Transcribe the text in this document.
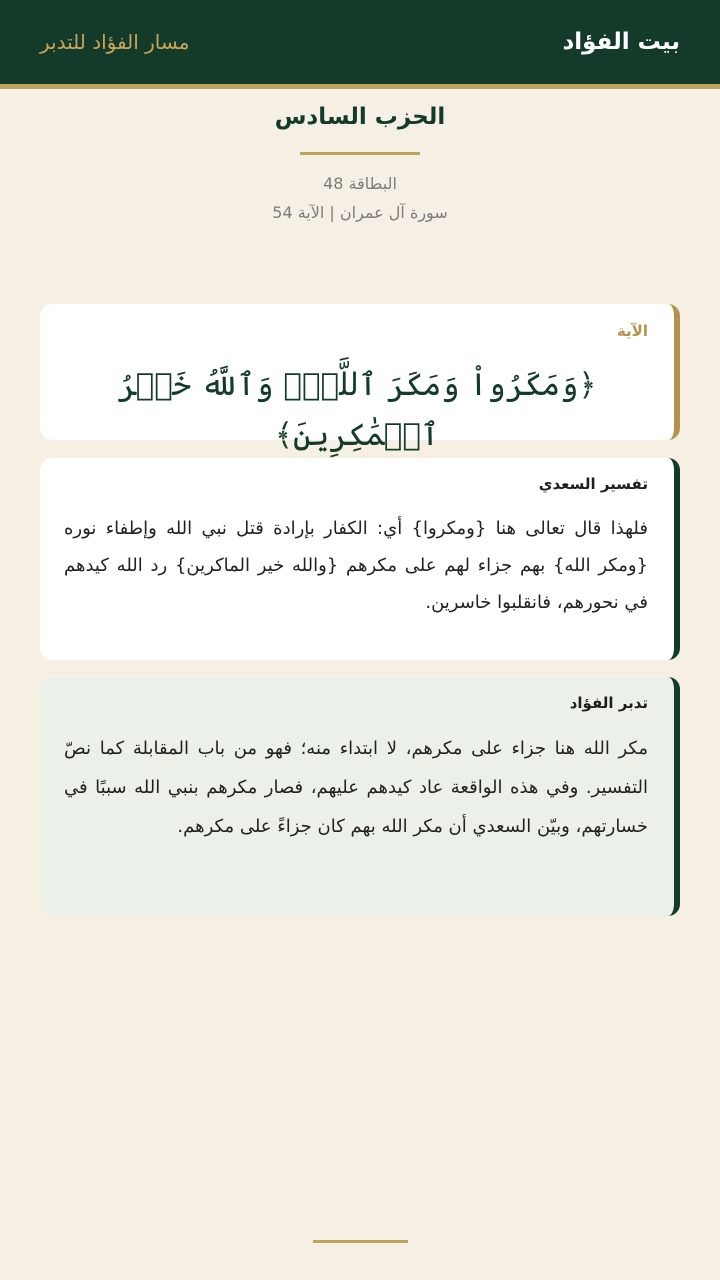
بيت الفؤاد
مسار الفؤاد للتدبر
الحزب السادس
البطاقة 48
سورة آل عمران | الآية 54
الآية
﴿وَمَكَرُواْ وَمَكَرَ ٱللَّهُۖ وَٱللَّهُ خَيۡرُ ٱلۡمَٰكِرِينَ﴾
تفسير السعدي
فلهذا قال تعالى هنا {ومكروا} أي: الكفار بإرادة قتل نبي الله وإطفاء نوره {ومكر الله} بهم جزاء لهم على مكرهم {والله خير الماكرين} رد الله كيدهم في نحورهم، فانقلبوا خاسرين.
تدبر الفؤاد
مكر الله هنا جزاء على مكرهم، لا ابتداء منه؛ فهو من باب المقابلة كما نصّ التفسير. وفي هذه الواقعة عاد كيدهم عليهم، فصار مكرهم بنبي الله سببًا في خسارتهم، وبيّن السعدي أن مكر الله بهم كان جزاءً على مكرهم.
